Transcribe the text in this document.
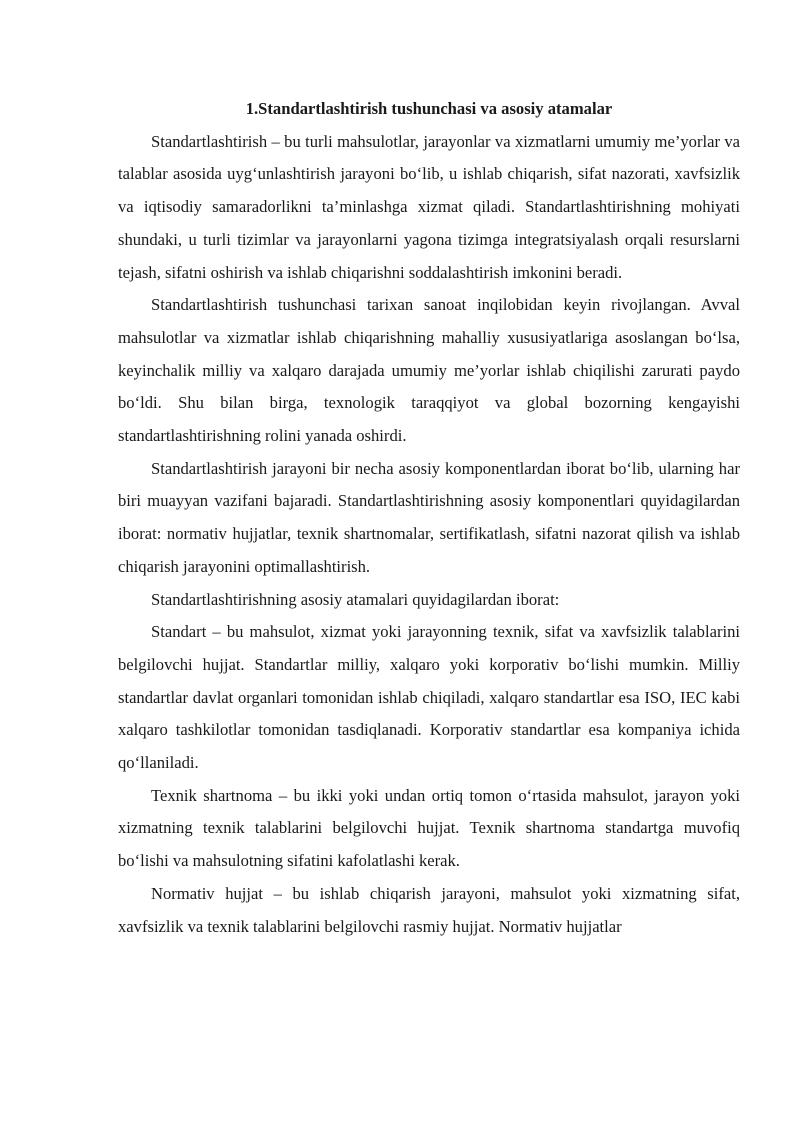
1.Standartlashtirish tushunchasi va asosiy atamalar

Standartlashtirish – bu turli mahsulotlar, jarayonlar va xizmatlarni umumiy me’yorlar va talablar asosida uyg‘unlashtirish jarayoni bo‘lib, u ishlab chiqarish, sifat nazorati, xavfsizlik va iqtisodiy samaradorlikni ta’minlashga xizmat qiladi. Standartlashtirishning mohiyati shundaki, u turli tizimlar va jarayonlarni yagona tizimga integratsiyalash orqali resurslarni tejash, sifatni oshirish va ishlab chiqarishni soddalashtirish imkonini beradi.

Standartlashtirish tushunchasi tarixan sanoat inqilobidan keyin rivojlangan. Avval mahsulotlar va xizmatlar ishlab chiqarishning mahalliy xususiyatlariga asoslangan bo‘lsa, keyinchalik milliy va xalqaro darajada umumiy me’yorlar ishlab chiqilishi zarurati paydo bo‘ldi. Shu bilan birga, texnologik taraqqiyot va global bozorning kengayishi standartlashtirishning rolini yanada oshirdi.

Standartlashtirish jarayoni bir necha asosiy komponentlardan iborat bo‘lib, ularning har biri muayyan vazifani bajaradi. Standartlashtirishning asosiy komponentlari quyidagilardan iborat: normativ hujjatlar, texnik shartnomalar, sertifikatlash, sifatni nazorat qilish va ishlab chiqarish jarayonini optimallashtirish.

Standartlashtirishning asosiy atamalari quyidagilardan iborat:

Standart – bu mahsulot, xizmat yoki jarayonning texnik, sifat va xavfsizlik talablarini belgilovchi hujjat. Standartlar milliy, xalqaro yoki korporativ bo‘lishi mumkin. Milliy standartlar davlat organlari tomonidan ishlab chiqiladi, xalqaro standartlar esa ISO, IEC kabi xalqaro tashkilotlar tomonidan tasdiqlanadi. Korporativ standartlar esa kompaniya ichida qo‘llaniladi.

Texnik shartnoma – bu ikki yoki undan ortiq tomon o‘rtasida mahsulot, jarayon yoki xizmatning texnik talablarini belgilovchi hujjat. Texnik shartnoma standartga muvofiq bo‘lishi va mahsulotning sifatini kafolatlashi kerak.

Normativ hujjat – bu ishlab chiqarish jarayoni, mahsulot yoki xizmatning sifat, xavfsizlik va texnik talablarini belgilovchi rasmiy hujjat. Normativ hujjatlar
